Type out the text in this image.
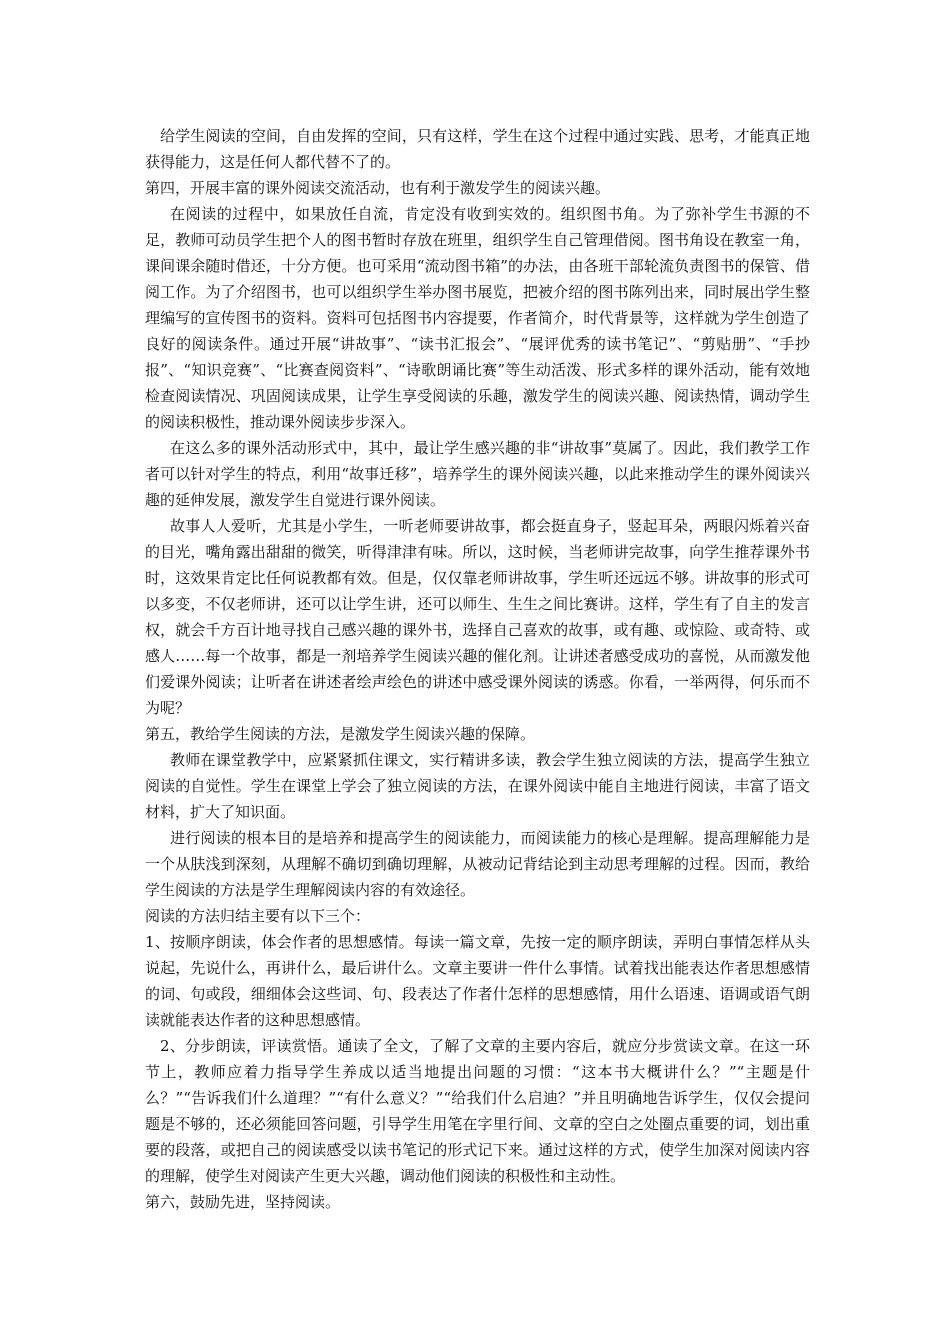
给学生阅读的空间，自由发挥的空间，只有这样，学生在这个过程中通过实践、思考，才能真正地获得能力，这是任何人都代替不了的。

第四，开展丰富的课外阅读交流活动，也有利于激发学生的阅读兴趣。

在阅读的过程中，如果放任自流，肯定没有收到实效的。组织图书角。为了弥补学生书源的不足，教师可动员学生把个人的图书暂时存放在班里，组织学生自己管理借阅。图书角设在教室一角，课间课余随时借还，十分方便。也可采用“流动图书箱”的办法，由各班干部轮流负责图书的保管、借阅工作。为了介绍图书，也可以组织学生举办图书展览，把被介绍的图书陈列出来，同时展出学生整理编写的宣传图书的资料。资料可包括图书内容提要，作者简介，时代背景等，这样就为学生创造了良好的阅读条件。通过开展“讲故事”、“读书汇报会”、“展评优秀的读书笔记”、“剪贴册”、“手抄报”、“知识竞赛”、“比赛查阅资料”、“诗歌朗诵比赛”等生动活泼、形式多样的课外活动，能有效地检查阅读情况、巩固阅读成果，让学生享受阅读的乐趣，激发学生的阅读兴趣、阅读热情，调动学生的阅读积极性，推动课外阅读步步深入。

在这么多的课外活动形式中，其中，最让学生感兴趣的非“讲故事”莫属了。因此，我们教学工作者可以针对学生的特点，利用“故事迁移”，培养学生的课外阅读兴趣，以此来推动学生的课外阅读兴趣的延伸发展，激发学生自觉进行课外阅读。

故事人人爱听，尤其是小学生，一听老师要讲故事，都会挺直身子，竖起耳朵，两眼闪烁着兴奋的目光，嘴角露出甜甜的微笑，听得津津有味。所以，这时候，当老师讲完故事，向学生推荐课外书时，这效果肯定比任何说教都有效。但是，仅仅靠老师讲故事，学生听还远远不够。讲故事的形式可以多变，不仅老师讲，还可以让学生讲，还可以师生、生生之间比赛讲。这样，学生有了自主的发言权，就会千方百计地寻找自己感兴趣的课外书，选择自己喜欢的故事，或有趣、或惊险、或奇特、或感人……每一个故事，都是一剂培养学生阅读兴趣的催化剂。让讲述者感受成功的喜悦，从而激发他们爱课外阅读；让听者在讲述者绘声绘色的讲述中感受课外阅读的诱惑。你看，一举两得，何乐而不为呢？

第五，教给学生阅读的方法，是激发学生阅读兴趣的保障。

教师在课堂教学中，应紧紧抓住课文，实行精讲多读，教会学生独立阅读的方法，提高学生独立阅读的自觉性。学生在课堂上学会了独立阅读的方法，在课外阅读中能自主地进行阅读，丰富了语文材料，扩大了知识面。

进行阅读的根本目的是培养和提高学生的阅读能力，而阅读能力的核心是理解。提高理解能力是一个从肤浅到深刻，从理解不确切到确切理解，从被动记背结论到主动思考理解的过程。因而，教给学生阅读的方法是学生理解阅读内容的有效途径。

阅读的方法归结主要有以下三个：

1、按顺序朗读，体会作者的思想感情。每读一篇文章，先按一定的顺序朗读，弄明白事情怎样从头说起，先说什么，再讲什么，最后讲什么。文章主要讲一件什么事情。试着找出能表达作者思想感情的词、句或段，细细体会这些词、句、段表达了作者什怎样的思想感情，用什么语速、语调或语气朗读就能表达作者的这种思想感情。

2、分步朗读，评读赏悟。通读了全文，了解了文章的主要内容后，就应分步赏读文章。在这一环节上，教师应着力指导学生养成以适当地提出问题的习惯：“这本书大概讲什么？”“主题是什么？”“告诉我们什么道理？”“有什么意义？”“给我们什么启迪？”并且明确地告诉学生，仅仅会提问题是不够的，还必须能回答问题，引导学生用笔在字里行间、文章的空白之处圈点重要的词，划出重要的段落，或把自己的阅读感受以读书笔记的形式记下来。通过这样的方式，使学生加深对阅读内容的理解，使学生对阅读产生更大兴趣，调动他们阅读的积极性和主动性。

第六，鼓励先进，坚持阅读。
